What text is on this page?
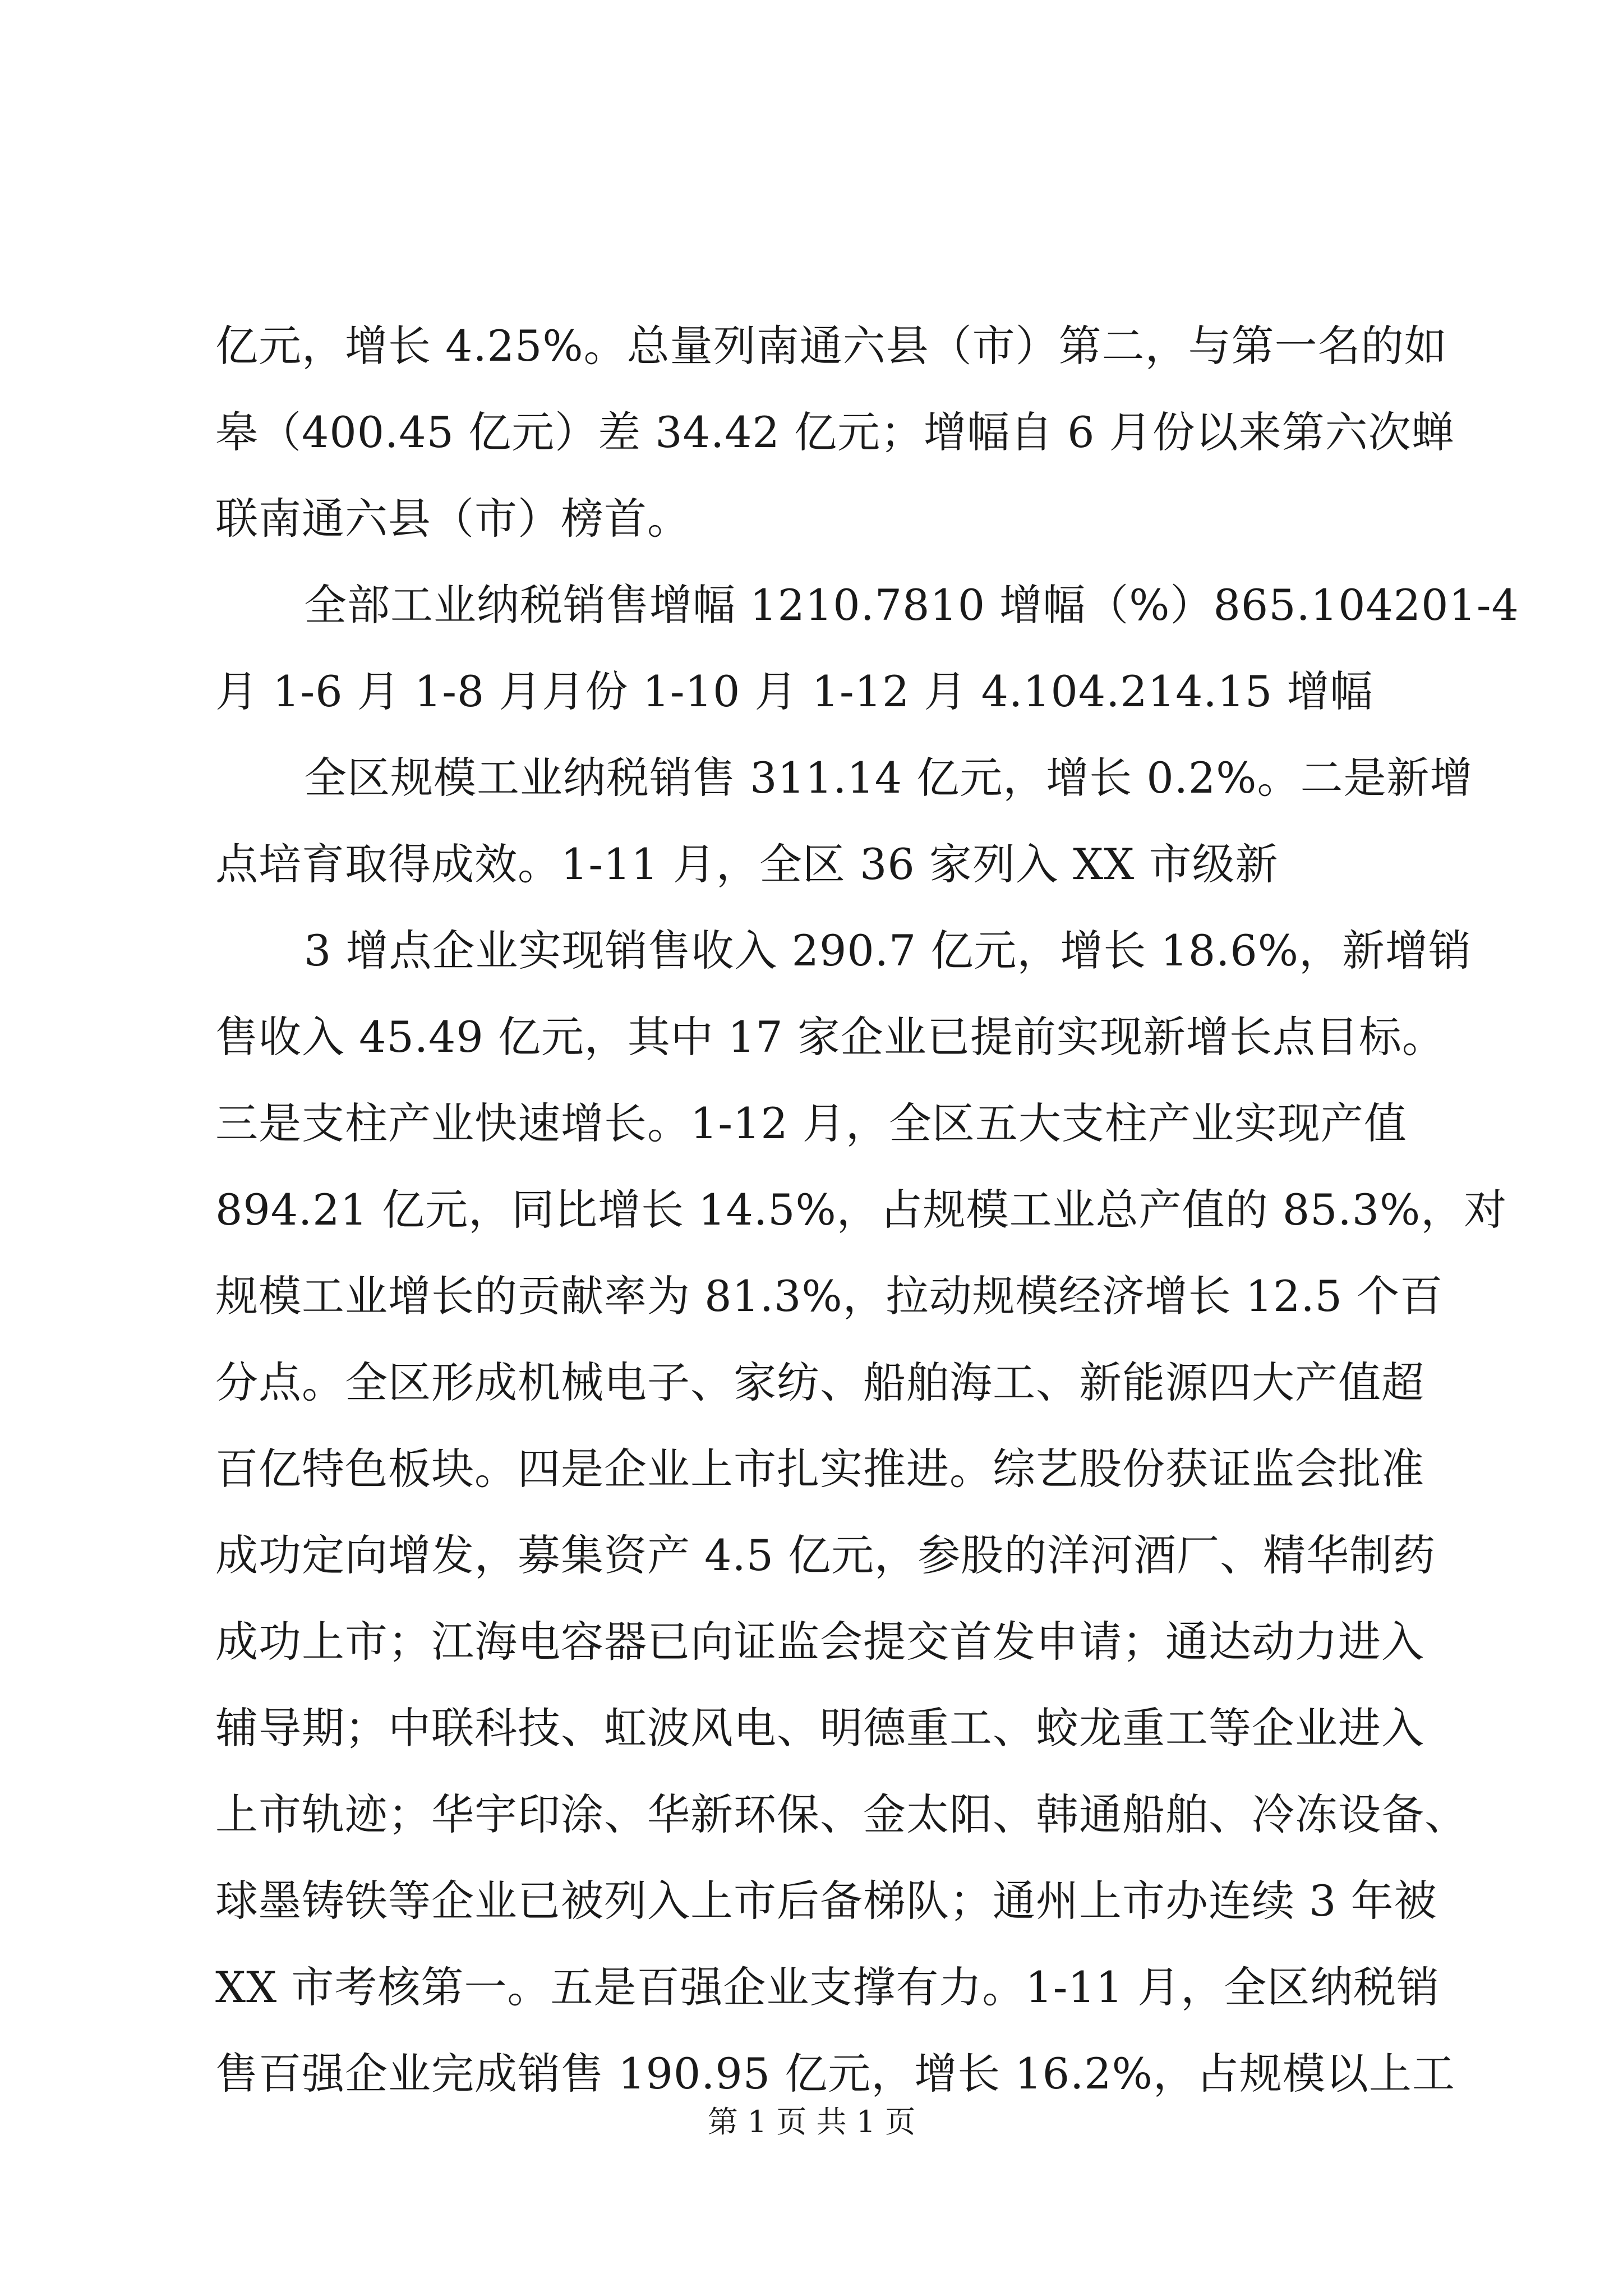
亿元，增长 4.25%。总量列南通六县（市）第二，与第一名的如
皋（400.45 亿元）差 34.42 亿元；增幅自 6 月份以来第六次蝉
联南通六县（市）榜首。
全部工业纳税销售增幅 1210.7810 增幅（%）865.104201-4
月 1-6 月 1-8 月月份 1-10 月 1-12 月 4.104.214.15 增幅
全区规模工业纳税销售 311.14 亿元，增长 0.2%。二是新增
点培育取得成效。1-11 月，全区 36 家列入 XX 市级新
3 增点企业实现销售收入 290.7 亿元，增长 18.6%，新增销
售收入 45.49 亿元，其中 17 家企业已提前实现新增长点目标。
三是支柱产业快速增长。1-12 月，全区五大支柱产业实现产值
894.21 亿元，同比增长 14.5%，占规模工业总产值的 85.3%，对
规模工业增长的贡献率为 81.3%，拉动规模经济增长 12.5 个百
分点。全区形成机械电子、家纺、船舶海工、新能源四大产值超
百亿特色板块。四是企业上市扎实推进。综艺股份获证监会批准
成功定向增发，募集资产 4.5 亿元，参股的洋河酒厂、精华制药
成功上市；江海电容器已向证监会提交首发申请；通达动力进入
辅导期；中联科技、虹波风电、明德重工、蛟龙重工等企业进入
上市轨迹；华宇印涂、华新环保、金太阳、韩通船舶、冷冻设备、
球墨铸铁等企业已被列入上市后备梯队；通州上市办连续 3 年被
XX 市考核第一。五是百强企业支撑有力。1-11 月，全区纳税销
售百强企业完成销售 190.95 亿元，增长 16.2%，占规模以上工
第 1 页 共 1 页
